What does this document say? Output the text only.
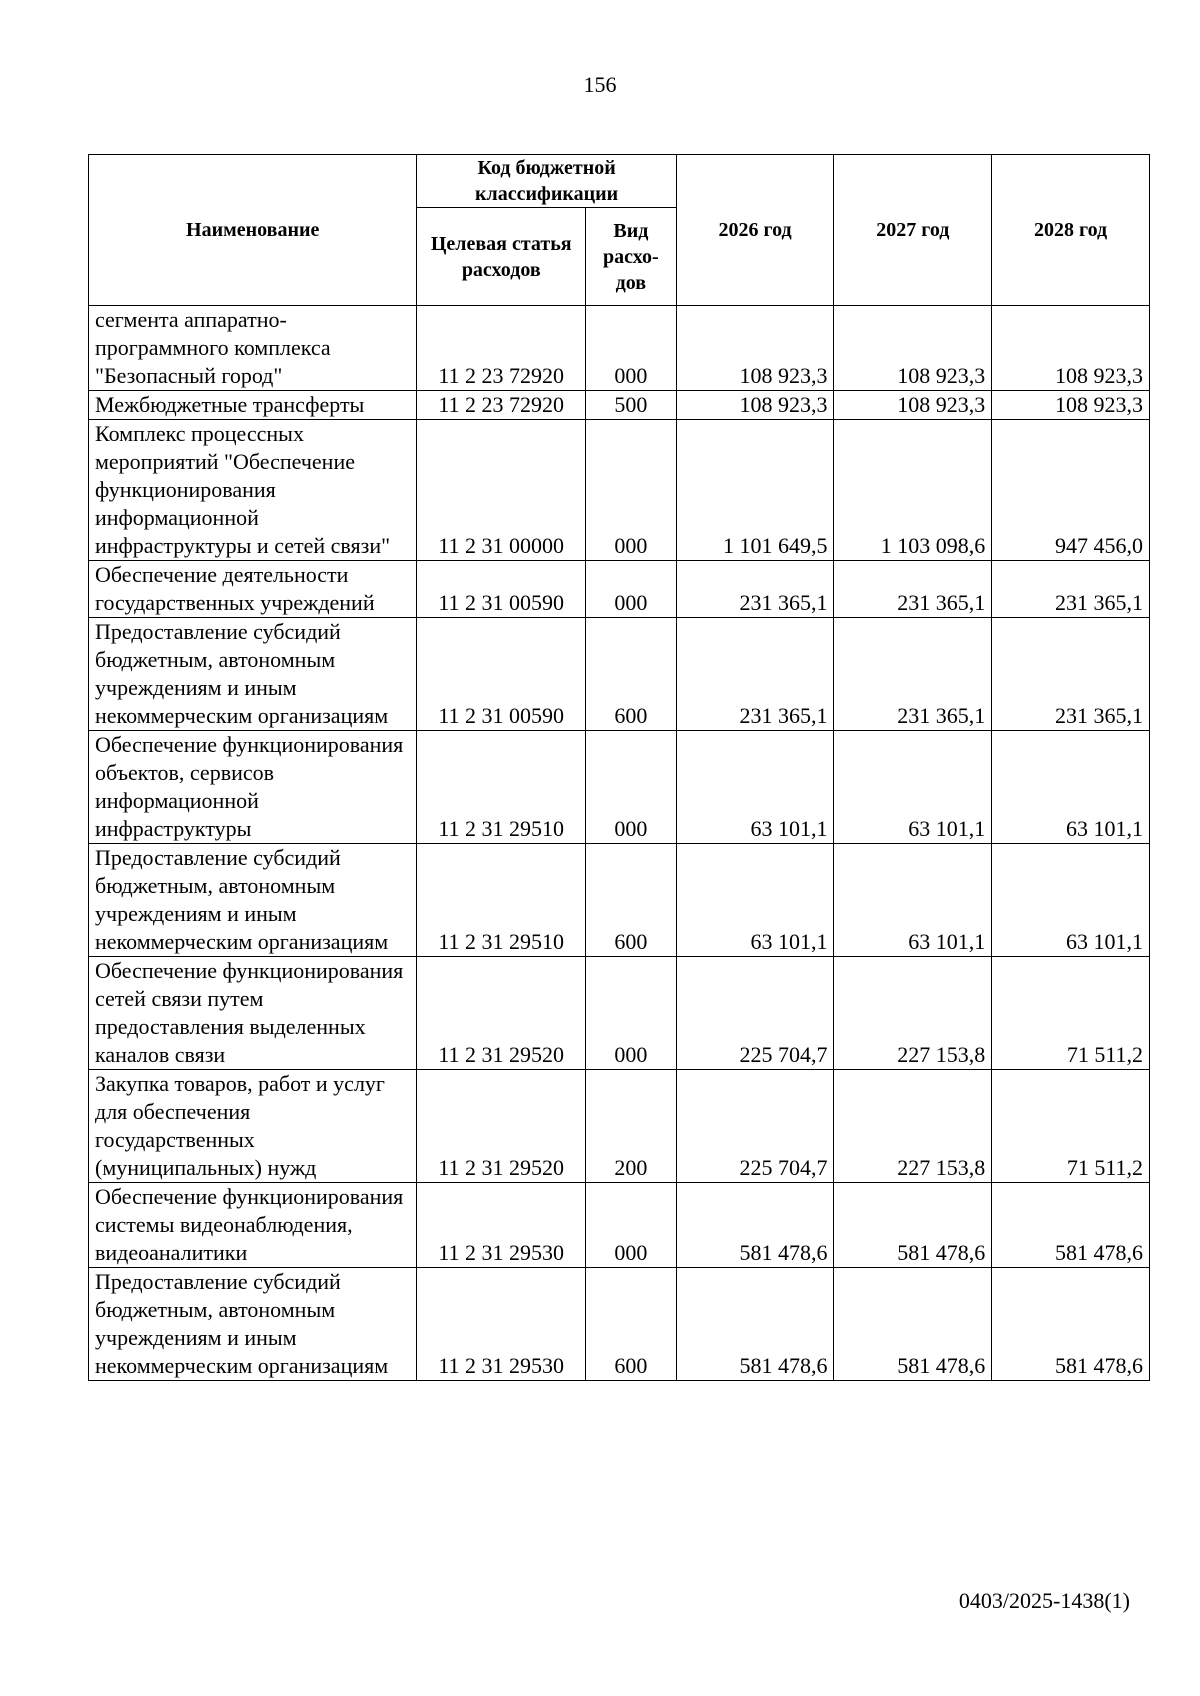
156
Наименование	Код бюджетной классификации		2026 год	2027 год	2028 год
	Целевая статья расходов	Вид расхо-дов			
сегмента аппаратно-программного комплекса "Безопасный город"	11 2 23 72920	000	108 923,3	108 923,3	108 923,3
Межбюджетные трансферты	11 2 23 72920	500	108 923,3	108 923,3	108 923,3
Комплекс процессных мероприятий "Обеспечение функционирования информационной инфраструктуры и сетей связи"	11 2 31 00000	000	1 101 649,5	1 103 098,6	947 456,0
Обеспечение деятельности государственных учреждений	11 2 31 00590	000	231 365,1	231 365,1	231 365,1
Предоставление субсидий бюджетным, автономным учреждениям и иным некоммерческим организациям	11 2 31 00590	600	231 365,1	231 365,1	231 365,1
Обеспечение функционирования объектов, сервисов информационной инфраструктуры	11 2 31 29510	000	63 101,1	63 101,1	63 101,1
Предоставление субсидий бюджетным, автономным учреждениям и иным некоммерческим организациям	11 2 31 29510	600	63 101,1	63 101,1	63 101,1
Обеспечение функционирования сетей связи путем предоставления выделенных каналов связи	11 2 31 29520	000	225 704,7	227 153,8	71 511,2
Закупка товаров, работ и услуг для обеспечения государственных (муниципальных) нужд	11 2 31 29520	200	225 704,7	227 153,8	71 511,2
Обеспечение функционирования системы видеонаблюдения, видеоаналитики	11 2 31 29530	000	581 478,6	581 478,6	581 478,6
Предоставление субсидий бюджетным, автономным учреждениям и иным некоммерческим организациям	11 2 31 29530	600	581 478,6	581 478,6	581 478,6
0403/2025-1438(1)
